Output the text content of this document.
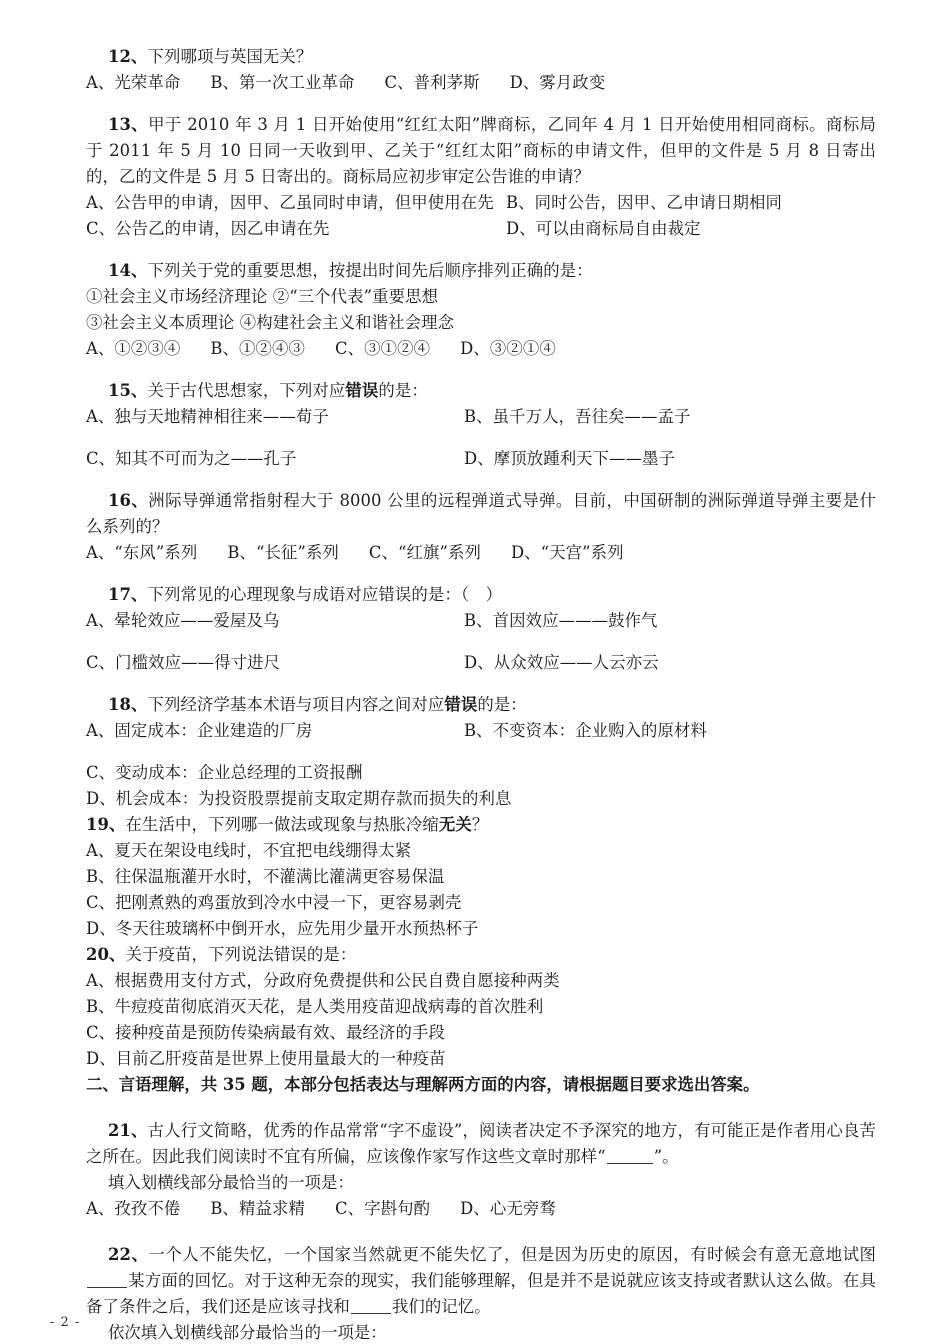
12、下列哪项与英国无关？
A、光荣革命 B、第一次工业革命 C、普利茅斯 D、雾月政变
13、甲于 2010 年 3 月 1 日开始使用“红红太阳”牌商标，乙同年 4 月 1 日开始使用相同商标。商标局于 2011 年 5 月 10 日同一天收到甲、乙关于“红红太阳”商标的申请文件，但甲的文件是 5 月 8 日寄出的，乙的文件是 5 月 5 日寄出的。商标局应初步审定公告谁的申请？
A、公告甲的申请，因甲、乙虽同时申请，但甲使用在先 B、同时公告，因甲、乙申请日期相同
C、公告乙的申请，因乙申请在先	D、可以由商标局自由裁定
14、下列关于党的重要思想，按提出时间先后顺序排列正确的是：
①社会主义市场经济理论 ②“三个代表”重要思想
③社会主义本质理论 ④构建社会主义和谐社会理念
A、①②③④ B、①②④③ C、③①②④ D、③②①④
15、关于古代思想家，下列对应错误的是：
A、独与天地精神相往来——荀子	B、虽千万人，吾往矣——孟子
C、知其不可而为之——孔子	D、摩顶放踵利天下——墨子
16、洲际导弹通常指射程大于 8000 公里的远程弹道式导弹。目前，中国研制的洲际弹道导弹主要是什么系列的？
A、“东风”系列 B、“长征”系列 C、“红旗”系列 D、“天宫”系列
17、下列常见的心理现象与成语对应错误的是：（　）
A、晕轮效应——爱屋及乌	B、首因效应———鼓作气
C、门槛效应——得寸进尺	D、从众效应——人云亦云
18、下列经济学基本术语与项目内容之间对应错误的是：
A、固定成本：企业建造的厂房	B、不变资本：企业购入的原材料
C、变动成本：企业总经理的工资报酬D、机会成本：为投资股票提前支取定期存款而损失的利息
19、在生活中，下列哪一做法或现象与热胀冷缩无关？
A、夏天在架设电线时，不宜把电线绷得太紧
B、往保温瓶灌开水时，不灌满比灌满更容易保温
C、把刚煮熟的鸡蛋放到冷水中浸一下，更容易剥壳
D、冬天往玻璃杯中倒开水，应先用少量开水预热杯子
20、关于疫苗，下列说法错误的是：
A、根据费用支付方式，分政府免费提供和公民自费自愿接种两类
B、牛痘疫苗彻底消灭天花，是人类用疫苗迎战病毒的首次胜利
C、接种疫苗是预防传染病最有效、最经济的手段
D、目前乙肝疫苗是世界上使用量最大的一种疫苗
二、言语理解，共 35 题，本部分包括表达与理解两方面的内容，请根据题目要求选出答案。
21、古人行文简略，优秀的作品常常“字不虚设”，阅读者决定不予深究的地方，有可能正是作者用心良苦之所在。因此我们阅读时不宜有所偏，应该像作家写作这些文章时那样“	”。
填入划横线部分最恰当的一项是：
A、孜孜不倦 B、精益求精 C、字斟句酌 D、心无旁骛
22、一个人不能失忆，一个国家当然就更不能失忆了，但是因为历史的原因，有时候会有意无意地试图某方面的回忆。对于这种无奈的现实，我们能够理解，但是并不是说就应该支持或者默认这么做。在具备了条件之后，我们还是应该寻找和	我们的记忆。
依次填入划横线部分最恰当的一项是：
- 2 -
